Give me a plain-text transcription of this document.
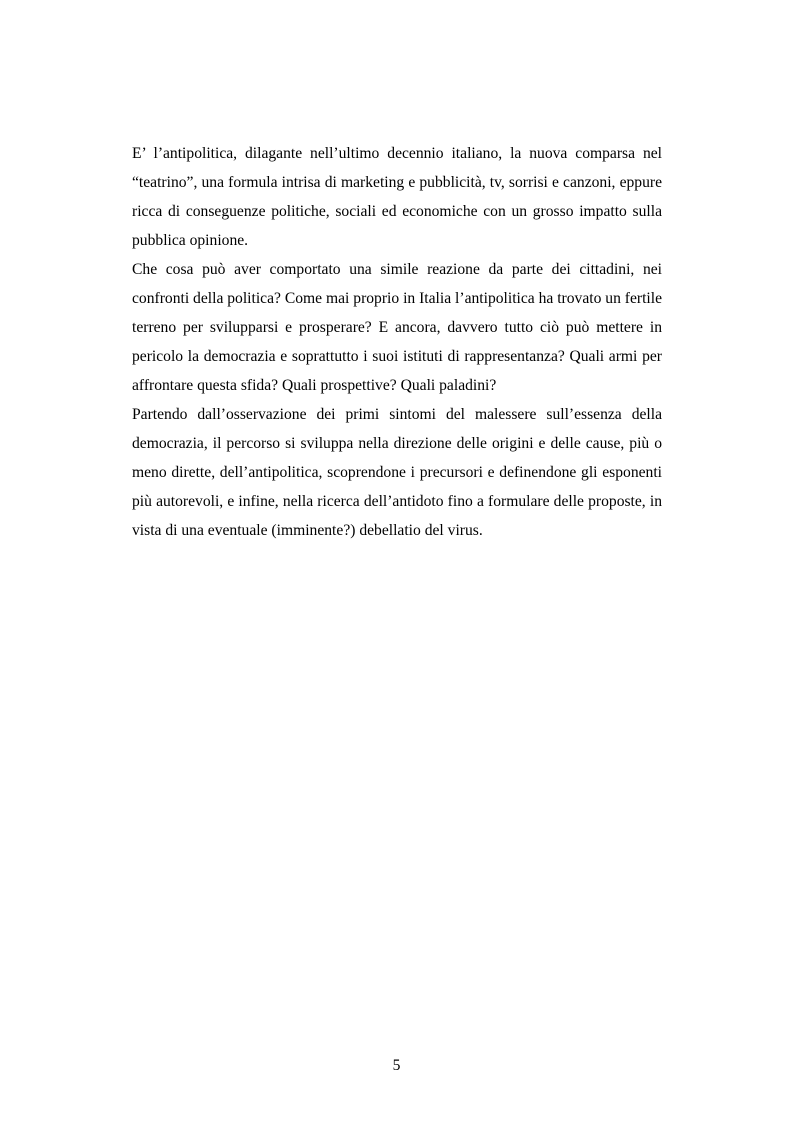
E’ l’antipolitica, dilagante nell’ultimo decennio italiano, la nuova comparsa nel “teatrino”, una formula intrisa di marketing e pubblicità, tv, sorrisi e canzoni, eppure ricca di conseguenze politiche, sociali ed economiche con un grosso impatto sulla pubblica opinione.

Che cosa può aver comportato una simile reazione da parte dei cittadini, nei confronti della politica? Come mai proprio in Italia l’antipolitica ha trovato un fertile terreno per svilupparsi e prosperare? E ancora, davvero tutto ciò può mettere in pericolo la democrazia e soprattutto i suoi istituti di rappresentanza? Quali armi per affrontare questa sfida? Quali prospettive? Quali paladini?

Partendo dall’osservazione dei primi sintomi del malessere sull’essenza della democrazia, il percorso si sviluppa nella direzione delle origini e delle cause, più o meno dirette, dell’antipolitica, scoprendone i precursori e definendone gli esponenti più autorevoli, e infine, nella ricerca dell’antidoto fino a formulare delle proposte, in vista di una eventuale (imminente?) debellatio del virus.

5
